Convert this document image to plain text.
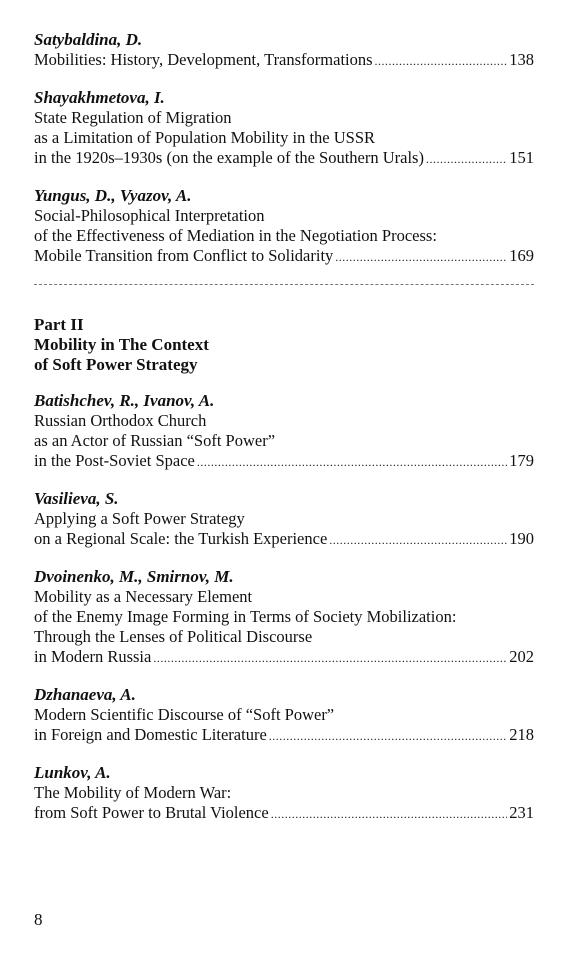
Satybaldina, D.
Mobilities: History, Development, Transformations .....	138
Shayakhmetova, I.
State Regulation of Migration
as a Limitation of Population Mobility in the USSR
in the 1920s–1930s (on the example of the Southern Urals) .....	151
Yungus, D., Vyazov, A.
Social-Philosophical Interpretation
of the Effectiveness of Mediation in the Negotiation Process:
Mobile Transition from Conflict to Solidarity .....	169
Part II
Mobility in The Context
of Soft Power Strategy
Batishchev, R., Ivanov, A.
Russian Orthodox Church
as an Actor of Russian “Soft Power”
in the Post-Soviet Space .....	179
Vasilieva, S.
Applying a Soft Power Strategy
on a Regional Scale: the Turkish Experience .....	190
Dvoinenko, M., Smirnov, M.
Mobility as a Necessary Element
of the Enemy Image Forming in Terms of Society Mobilization:
Through the Lenses of Political Discourse
in Modern Russia .....	202
Dzhanaeva, A.
Modern Scientific Discourse of “Soft Power”
in Foreign and Domestic Literature .....	218
Lunkov, A.
The Mobility of Modern War:
from Soft Power to Brutal Violence .....	231
8
